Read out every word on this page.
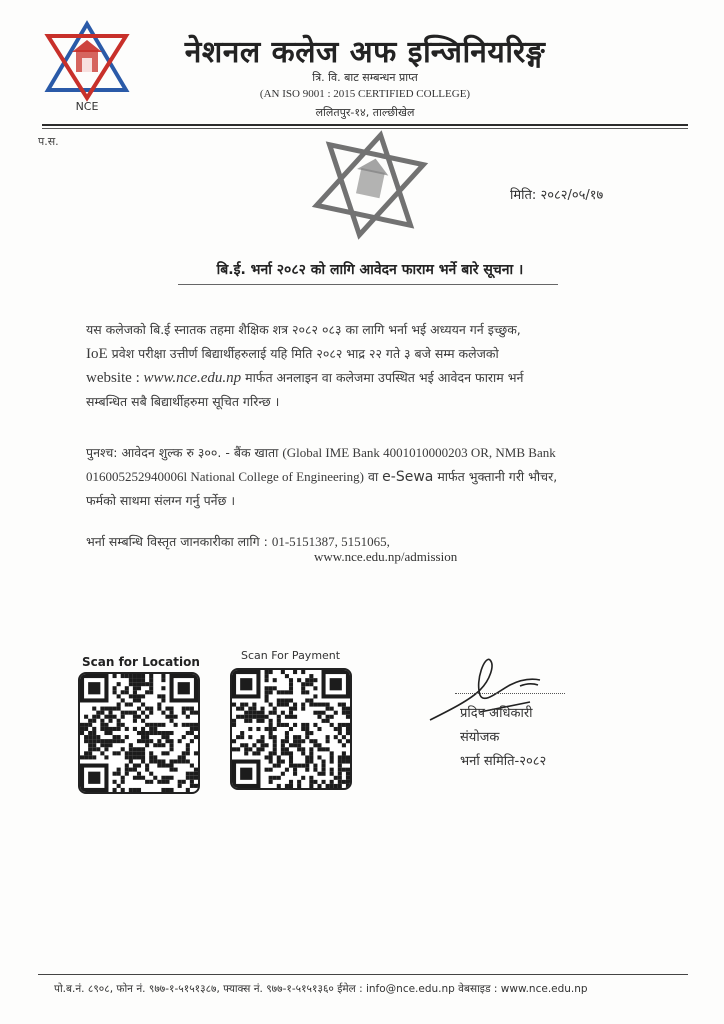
NCE
नेशनल कलेज अफ इन्जिनियरिङ्ग
त्रि. वि. बाट सम्बन्धन प्राप्त
(AN ISO 9001 : 2015 CERTIFIED COLLEGE)
ललितपुर-१४, ताल्छीखेल
प.स.
मिति: २०८२/०५/१७
बि.ई. भर्ना २०८२ को लागि आवेदन फाराम भर्ने बारे सूचना ।
यस कलेजको बि.ई स्नातक तहमा शैक्षिक शत्र २०८२ ०८३ का लागि भर्ना भई अध्ययन गर्न इच्छुक,
IoE प्रवेश परीक्षा उत्तीर्ण बिद्यार्थीहरुलाई यहि मिति २०८२ भाद्र २२ गते ३ बजे सम्म कलेजको
website : www.nce.edu.np मार्फत अनलाइन वा कलेजमा उपस्थित भई आवेदन फाराम भर्न
सम्बन्धित सबै बिद्यार्थीहरुमा सूचित गरिन्छ ।
पुनश्च: आवेदन शुल्क रु ३००. - बैंक खाता (Global IME Bank 4001010000203 OR, NMB Bank
016005252940006l National College of Engineering) वा e-Sewa मार्फत भुक्तानी गरी भौचर,
फर्मको साथमा संलग्न गर्नु पर्नेछ ।
भर्ना सम्बन्धि विस्तृत जानकारीका लागि : 01-5151387, 5151065,
www.nce.edu.np/admission
Scan for Location	Scan For Payment
प्रदिप अधिकारी
संयोजक
भर्ना समिति-२०८२
पो.ब.नं. ८९०८, फोन नं. ९७७-१-५१५१३८७, फ्याक्स नं. ९७७-१-५१५१३६० ईमेल : info@nce.edu.np वेबसाइड : www.nce.edu.np
